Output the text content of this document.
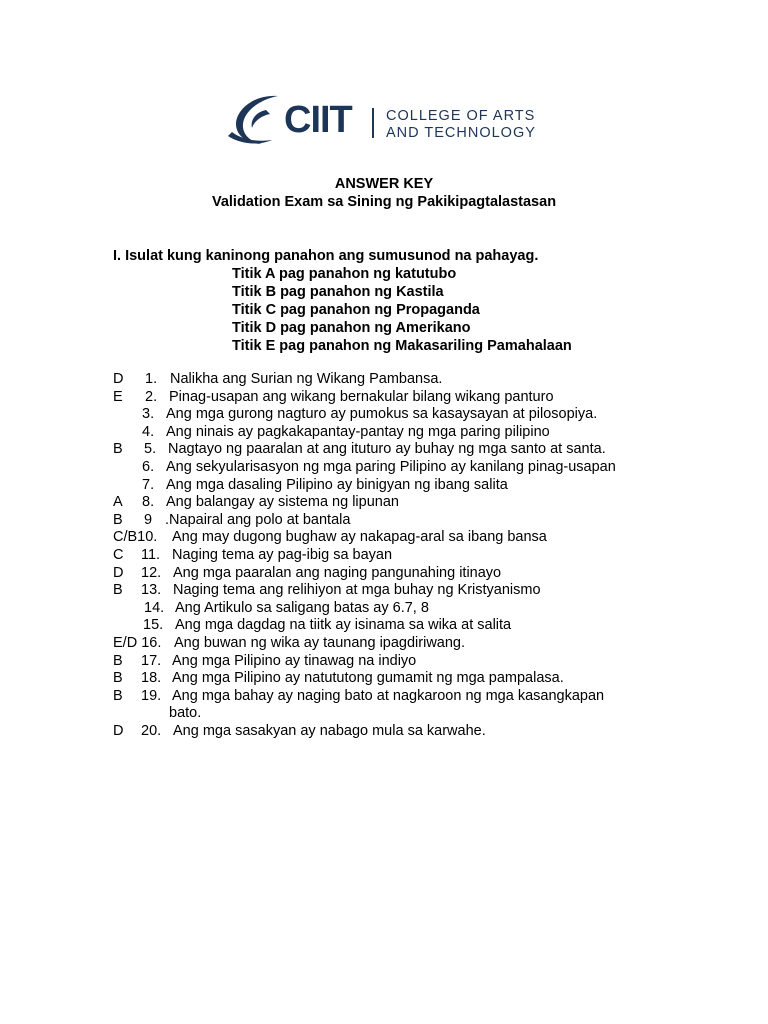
CIIT COLLEGE OF ARTS
AND TECHNOLOGY
ANSWER KEY
Validation Exam sa Sining ng Pakikipagtalastasan
I. Isulat kung kaninong panahon ang sumusunod na pahayag.
Titik A pag panahon ng katutubo
Titik B pag panahon ng Kastila
Titik C pag panahon ng Propaganda
Titik D pag panahon ng Amerikano
Titik E pag panahon ng Makasariling Pamahalaan
D 1. Nalikha ang Surian ng Wikang Pambansa.
E 2. Pinag-usapan ang wikang bernakular bilang wikang panturo
3. Ang mga gurong nagturo ay pumokus sa kasaysayan at pilosopiya.
4. Ang ninais ay pagkakapantay-pantay ng mga paring pilipino
B 5. Nagtayo ng paaralan at ang ituturo ay buhay ng mga santo at santa.
6. Ang sekyularisasyon ng mga paring Pilipino ay kanilang pinag-usapan
7. Ang mga dasaling Pilipino ay binigyan ng ibang salita
A 8. Ang balangay ay sistema ng lipunan
B 9 .Napairal ang polo at bantala
C/B10. Ang may dugong bughaw ay nakapag-aral sa ibang bansa
C 11. Naging tema ay pag-ibig sa bayan
D 12. Ang mga paaralan ang naging pangunahing itinayo
B 13. Naging tema ang relihiyon at mga buhay ng Kristyanismo
14. Ang Artikulo sa saligang batas ay 6.7, 8
15. Ang mga dagdag na tiitk ay isinama sa wika at salita
E/D 16. Ang buwan ng wika ay taunang ipagdiriwang.
B 17. Ang mga Pilipino ay tinawag na indiyo
B 18. Ang mga Pilipino ay natututong gumamit ng mga pampalasa.
B 19. Ang mga bahay ay naging bato at nagkaroon ng mga kasangkapan bato.
D 20. Ang mga sasakyan ay nabago mula sa karwahe.
